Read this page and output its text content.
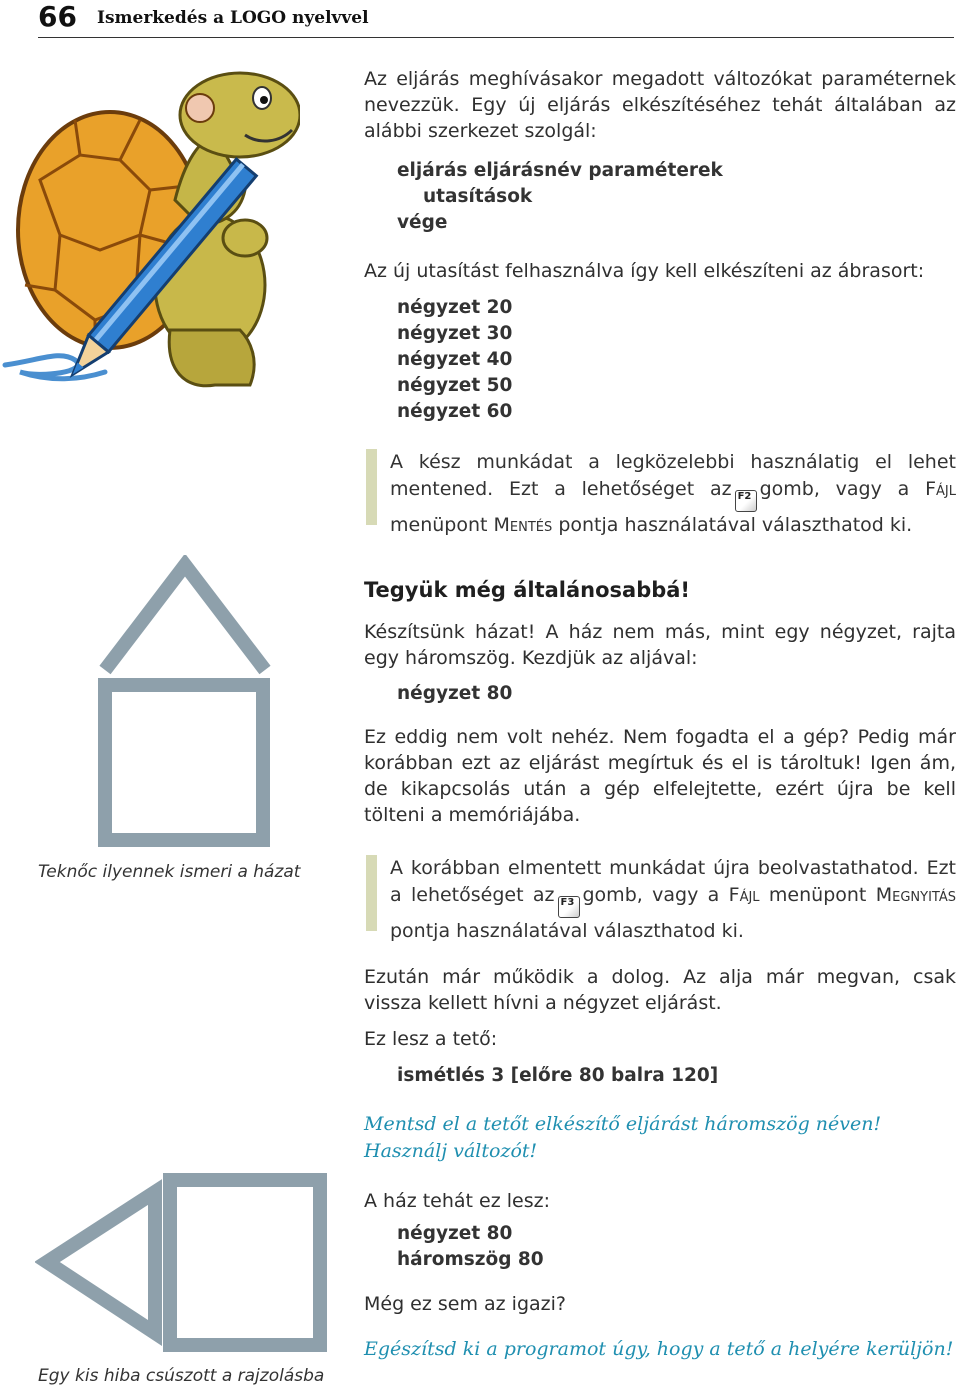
66 Ismerkedés a LOGO nyelvvel

Az eljárás meghívásakor megadott változókat paraméternek nevezzük. Egy új eljárás elkészítéséhez tehát általában az alábbi szerkezet szolgál:

eljárás eljárásnév paraméterek
utasítások
vége

Az új utasítást felhasználva így kell elkészíteni az ábrasort:

négyzet 20
négyzet 30
négyzet 40
négyzet 50
négyzet 60
A kész munkádat a legközelebbi használatig el lehet mentened. Ezt a lehetőséget az F2 gomb, vagy a Fájl menüpont Mentés pontja használatával választhatod ki.
Teknőc ilyennek ismeri a házat
Tegyük még általánosabbá!

Készítsünk házat! A ház nem más, mint egy négyzet, rajta egy háromszög. Kezdjük az aljával:

négyzet 80

Ez eddig nem volt nehéz. Nem fogadta el a gép? Pedig már korábban ezt az eljárást megírtuk és el is tároltuk! Igen ám, de kikapcsolás után a gép elfelejtette, ezért újra be kell tölteni a memóriájába.

A korábban elmentett munkádat újra beolvastathatod. Ezt a lehetőséget az F3 gomb, vagy a Fájl menüpont Megnyitás pontja használatával választhatod ki.

Ezután már működik a dolog. Az alja már megvan, csak vissza kellett hívni a négyzet eljárást.

Ez lesz a tető:

ismétlés 3 [előre 80 balra 120]
Mentsd el a tetőt elkészítő eljárást háromszög néven! Használj változót!

A ház tehát ez lesz:

négyzet 80
háromszög 80

Még ez sem az igazi?

Egészítsd ki a programot úgy, hogy a tető a helyére kerüljön!
Egy kis hiba csúszott a rajzolásba
